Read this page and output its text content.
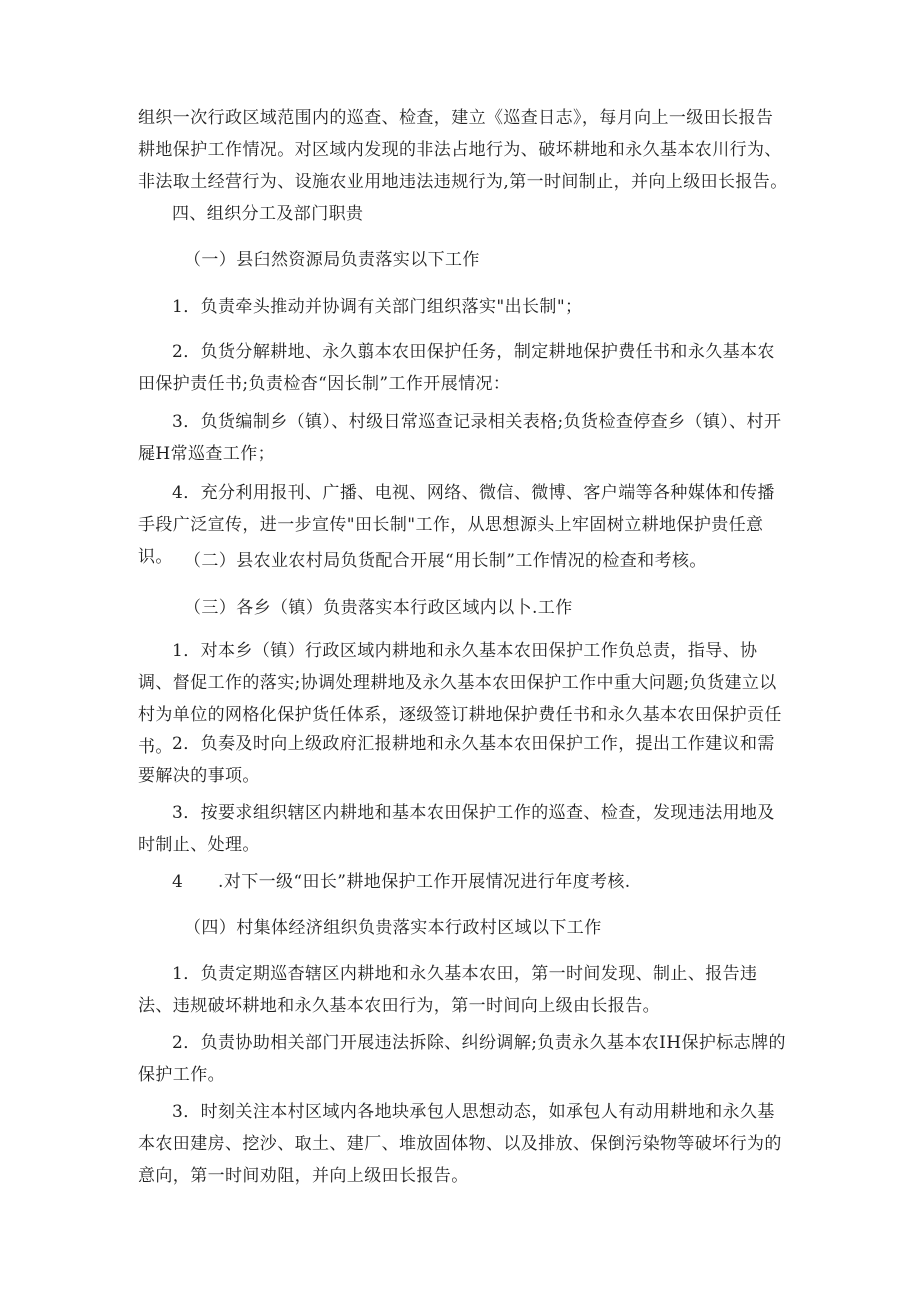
组织一次行政区域范围内的巡查、检查，建立《巡查日志》，每月向上一级田长报告耕地保护工作情况。对区域内发现的非法占地行为、破坏耕地和永久基本农川行为、非法取土经营行为、设施农业用地违法违规行为,第一时间制止，并向上级田长报告。

四、组织分工及部门职贵

（一）县臼然资源局负责落实以下工作

1．负责牵头推动并协调有关部门组织落实"出长制"；

2．负货分解耕地、永久翦本农田保护任务，制定耕地保护费任书和永久基本农田保护责任书;负责检杳“因长制”工作开展情况：

3．负货编制乡（镇）、村级日常巡查记录相关表格;负货检查停查乡（镇）、村开屣H常巡查工作；

4．充分利用报刊、广播、电视、网络、微信、微博、客户端等各种媒体和传播手段广泛宣传，进一步宣传"田长制"工作，从思想源头上牢固树立耕地保护贵任意识。 （二）县农业农村局负货配合开展“用长制”工作情况的检查和考核。

（三）各乡（镇）负贵落实本行政区域内以卜.工作

1．对本乡（镇）行政区域内耕地和永久基本农田保护工作负总责，指导、协调、督促工作的落实;协调处理耕地及永久基本农田保护工作中重大问题;负货建立以村为单位的网格化保护货任体系，逐级签订耕地保护费任书和永久基本农田保护贡任书。 2．负奏及时向上级政府汇报耕地和永久基本农田保护工作，提出工作建议和需要解决的事项。

3．按要求组织辖区内耕地和基本农田保护工作的巡查、检查，发现违法用地及时制止、处理。

4　　.对下一级“田长”耕地保护工作开展情况进行年度考核.

（四）村集体经济组织负贵落实本行政村区域以下工作

1．负责定期巡杳辖区内耕地和永久基本农田，第一时间发现、制止、报告违法、违规破坏耕地和永久基本农田行为，第一时间向上级由长报告。

2．负责协助相关部门开展违法拆除、纠纷调解;负责永久基本农IH保护标志牌的保护工作。

3．时刻关注本村区域内各地块承包人思想动态，如承包人有动用耕地和永久基本农田建房、挖沙、取土、建厂、堆放固体物、以及排放、保倒污染物等破坏行为的意向，第一时间劝阻，并向上级田长报告。
